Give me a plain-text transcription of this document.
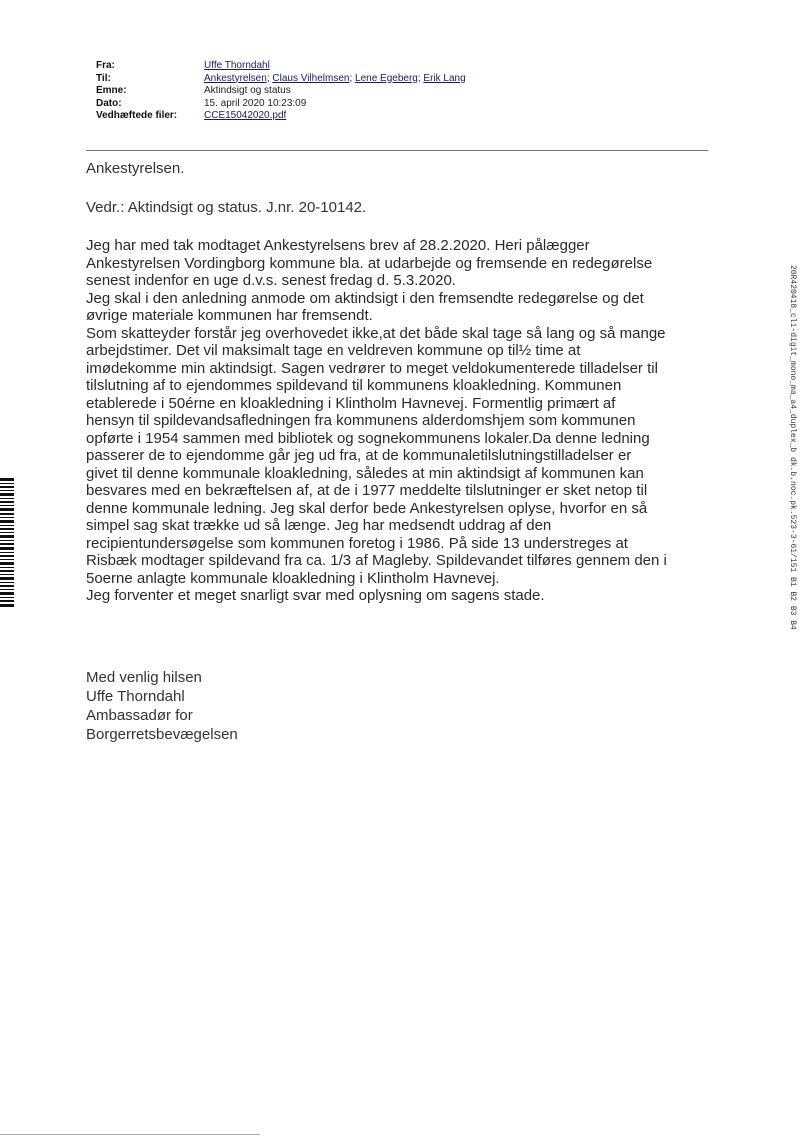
Fra:	Uffe Thorndahl
Til:	Ankestyrelsen; Claus Vilhelmsen; Lene Egeberg; Erik Lang
Emne:	Aktindsigt og status
Dato:	15. april 2020 10:23:09
Vedhæftede filer:	CCE15042020.pdf
Ankestyrelsen.
Vedr.: Aktindsigt og status. J.nr. 20-10142.

Jeg har med tak modtaget Ankestyrelsens brev af 28.2.2020. Heri pålægger

Ankestyrelsen Vordingborg kommune bla. at udarbejde og fremsende en redegørelse

senest indenfor en uge d.v.s. senest fredag d. 5.3.2020.

Jeg skal i den anledning anmode om aktindsigt i den fremsendte redegørelse og det

øvrige materiale kommunen har fremsendt.

Som skatteyder forstår jeg overhovedet ikke,at det både skal tage så lang og så mange

arbejdstimer. Det vil maksimalt tage en veldreven kommune op til½ time at

imødekomme min aktindsigt. Sagen vedrører to meget veldokumenterede tilladelser til

tilslutning af to ejendommes spildevand til kommunens kloakledning. Kommunen

etablerede i 50érne en kloakledning i Klintholm Havnevej. Formentlig primært af

hensyn til spildevandsafledningen fra kommunens alderdomshjem som kommunen

opførte i 1954 sammen med bibliotek og sognekommunens lokaler.Da denne ledning

passerer de to ejendomme går jeg ud fra, at de kommunaletilslutningstilladelser er

givet til denne kommunale kloakledning, således at min aktindsigt af kommunen kan

besvares med en bekræftelsen af, at de i 1977 meddelte tilslutninger er sket netop til

denne kommunale ledning. Jeg skal derfor bede Ankestyrelsen oplyse, hvorfor en så

simpel sag skat trække ud så længe. Jeg har medsendt uddrag af den

recipientundersøgelse som kommunen foretog i 1986. På side 13 understreges at

Risbæk modtager spildevand fra ca. 1/3 af Magleby. Spildevandet tilføres gennem den i

5oerne anlagte kommunale kloakledning i Klintholm Havnevej.

Jeg forventer et meget snarligt svar med oplysning om sagens stade.

Med venlig hilsen
Uffe Thorndahl
Ambassadør for
Borgerretsbevægelsen
20R420418_cli-digit_mono_ma_a4_duplex_b dk.b.noc.pk.523-3-61/151 B1 B2 B3 B4
